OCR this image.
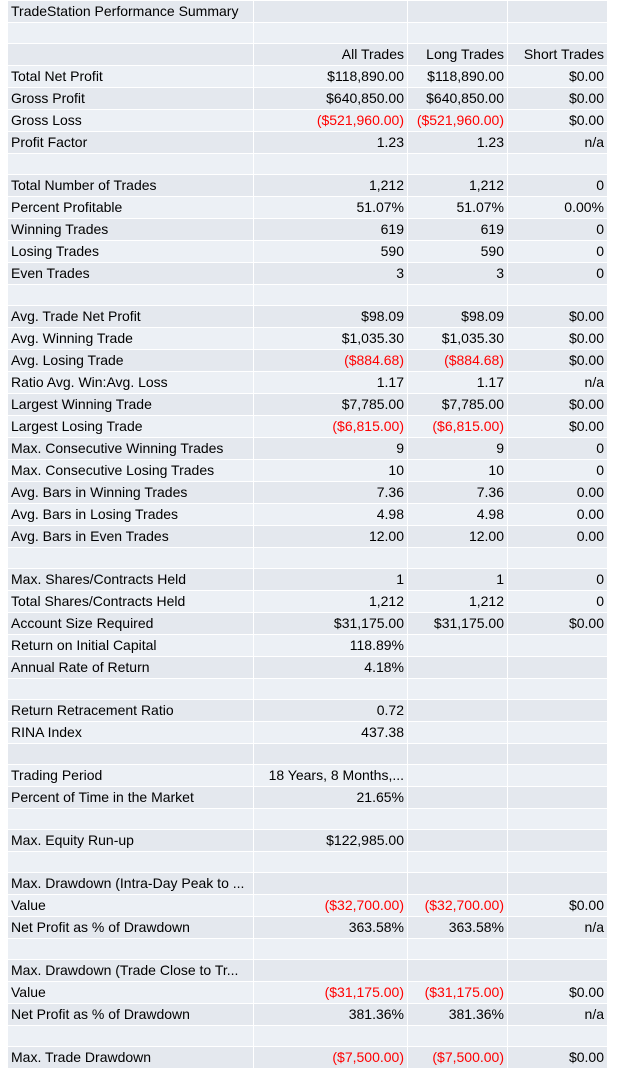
TradeStation Performance Summary			

	All Trades	Long Trades	Short Trades
Total Net Profit	$118,890.00	$118,890.00	$0.00
Gross Profit	$640,850.00	$640,850.00	$0.00
Gross Loss	($521,960.00)	($521,960.00)	$0.00
Profit Factor	1.23	1.23	n/a

Total Number of Trades	1,212	1,212	0
Percent Profitable	51.07%	51.07%	0.00%
Winning Trades	619	619	0
Losing Trades	590	590	0
Even Trades	3	3	0

Avg. Trade Net Profit	$98.09	$98.09	$0.00
Avg. Winning Trade	$1,035.30	$1,035.30	$0.00
Avg. Losing Trade	($884.68)	($884.68)	$0.00
Ratio Avg. Win:Avg. Loss	1.17	1.17	n/a
Largest Winning Trade	$7,785.00	$7,785.00	$0.00
Largest Losing Trade	($6,815.00)	($6,815.00)	$0.00
Max. Consecutive Winning Trades	9	9	0
Max. Consecutive Losing Trades	10	10	0
Avg. Bars in Winning Trades	7.36	7.36	0.00
Avg. Bars in Losing Trades	4.98	4.98	0.00
Avg. Bars in Even Trades	12.00	12.00	0.00

Max. Shares/Contracts Held	1	1	0
Total Shares/Contracts Held	1,212	1,212	0
Account Size Required	$31,175.00	$31,175.00	$0.00
Return on Initial Capital	118.89%		
Annual Rate of Return	4.18%		

Return Retracement Ratio	0.72		
RINA Index	437.38		

Trading Period	18 Years, 8 Months,...		
Percent of Time in the Market	21.65%		

Max. Equity Run-up	$122,985.00		

Max. Drawdown (Intra-Day Peak to ...			
Value	($32,700.00)	($32,700.00)	$0.00
Net Profit as % of Drawdown	363.58%	363.58%	n/a

Max. Drawdown (Trade Close to Tr...			
Value	($31,175.00)	($31,175.00)	$0.00
Net Profit as % of Drawdown	381.36%	381.36%	n/a

Max. Trade Drawdown	($7,500.00)	($7,500.00)	$0.00
